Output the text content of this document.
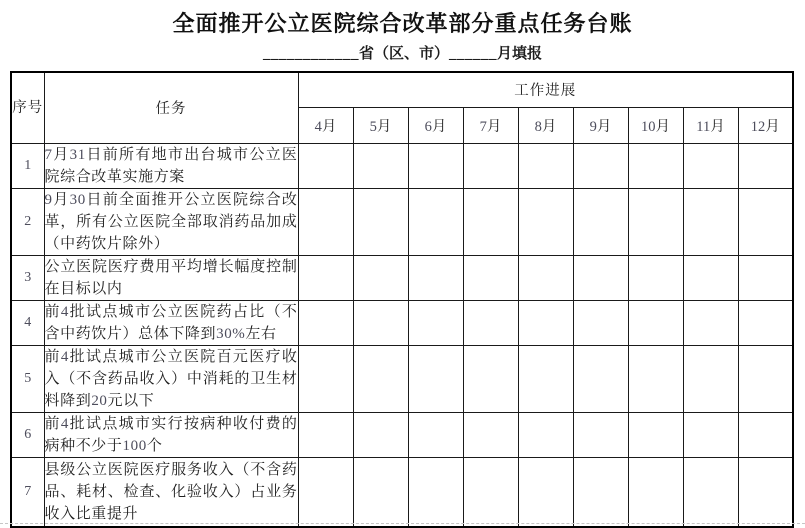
全面推开公立医院综合改革部分重点任务台账
____________省（区、市）______月填报
序号	任务	工作进展								
		4月	5月	6月	7月	8月	9月	10月	11月	12月
1	7月31日前所有地市出台城市公立医院综合改革实施方案									
2	9月30日前全面推开公立医院综合改革，所有公立医院全部取消药品加成（中药饮片除外）									
3	公立医院医疗费用平均增长幅度控制在目标以内									
4	前4批试点城市公立医院药占比（不含中药饮片）总体下降到30%左右									
5	前4批试点城市公立医院百元医疗收入（不含药品收入）中消耗的卫生材料降到20元以下									
6	前4批试点城市实行按病种收付费的病种不少于100个									
7	县级公立医院医疗服务收入（不含药品、耗材、检查、化验收入）占业务收入比重提升									
